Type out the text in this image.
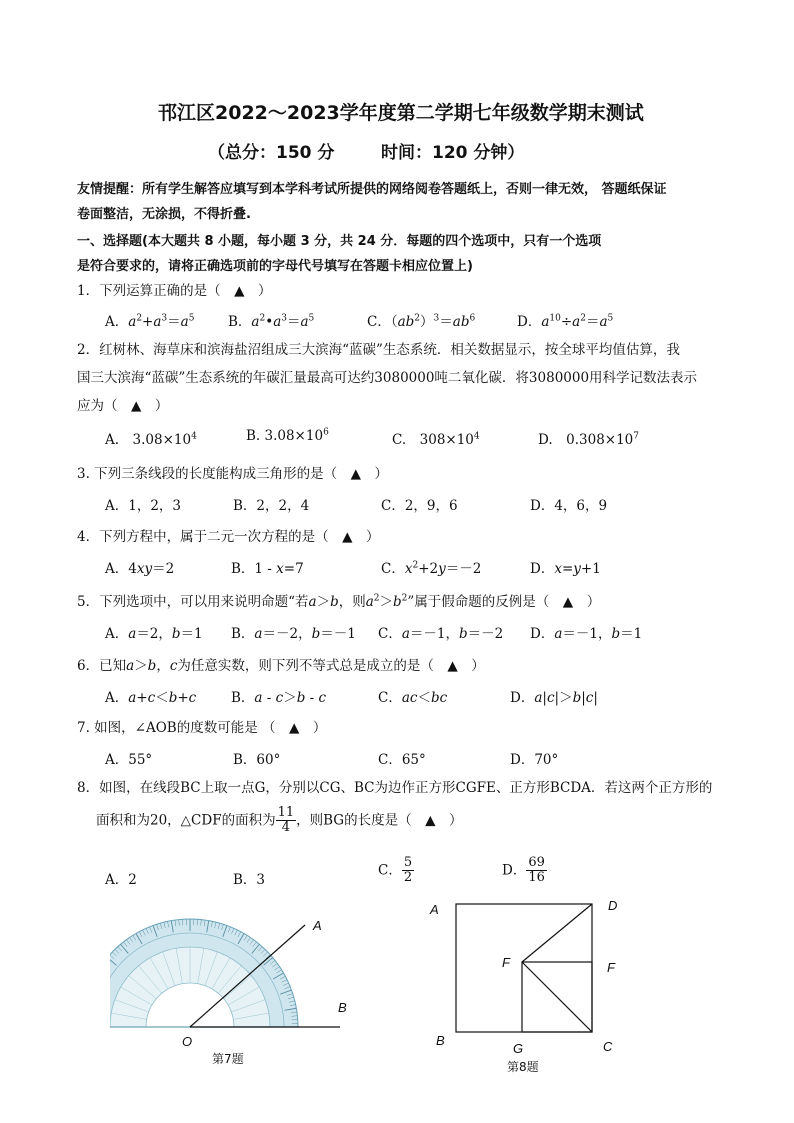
邗江区2022～2023学年度第二学期七年级数学期末测试
（总分：150 分	时间：120 分钟）
友情提醒：所有学生解答应填写到本学科考试所提供的网络阅卷答题纸上，否则一律无效， 答题纸保证
卷面整洁，无涂损，不得折叠.
一、选择题(本大题共 8 小题，每小题 3 分，共 24 分．每题的四个选项中，只有一个选项
是符合要求的，请将正确选项前的字母代号填写在答题卡相应位置上)
1．下列运算正确的是（　▲　）
A．$a^2+a^3=a^5$ B．$a^2•a^3=a^5$	C．$(ab^2)^3=ab^6$	D．$a^{10}\div a^2=a^5$
2．红树林、海草床和滨海盐沼组成三大滨海“蓝碳”生态系统．相关数据显示，按全球平均值估算，我
国三大滨海“蓝碳”生态系统的年碳汇量最高可达约3080000吨二氧化碳．将3080000用科学记数法表示
应为（　▲　）
A.　$3.08\times 10^4$	B. $3.08\times 10^6$	C.　$308\times 10^4$	D.　$0.308\times 10^7$
3. 下列三条线段的长度能构成三角形的是（　▲　）
A．1，2，3	B．2，2，4	C．2，9，6	D．4，6，9
4．下列方程中，属于二元一次方程的是（　▲　）
A．4xy＝2	B．1 - x=7	C．$x^2+2y=-2$	D．x=y+1
5．下列选项中，可以用来说明命题“若a＞b，则$a^2>b^2$”属于假命题的反例是（　▲　）
A．a＝2，b＝1 B．a＝－2，b＝－1 C．a＝－1，b＝－2 D．a＝－1，b＝1
6．已知a＞b，c为任意实数，则下列不等式总是成立的是（　▲　）
A．a+c＜b+c	B．a - c＞b - c	C．ac＜bc	D．a|c|＞b|c|
7. 如图，∠AOB的度数可能是 （　▲　）
A．55°	B．60°	C．65°	D．70°
8．如图，在线段BC上取一点G，分别以CG、BC为边作正方形CGFE、正方形BCDA．若这两个正方形的
面积和为20，△CDF的面积为 $\frac{11}{4}$ ，则BG的长度是（　▲　）
A．2	B．3
C． $\frac{5}{2}$	D． $\frac{69}{16}$
A
B
O
第7题
A	D
F	F
B
G	C
第8题
